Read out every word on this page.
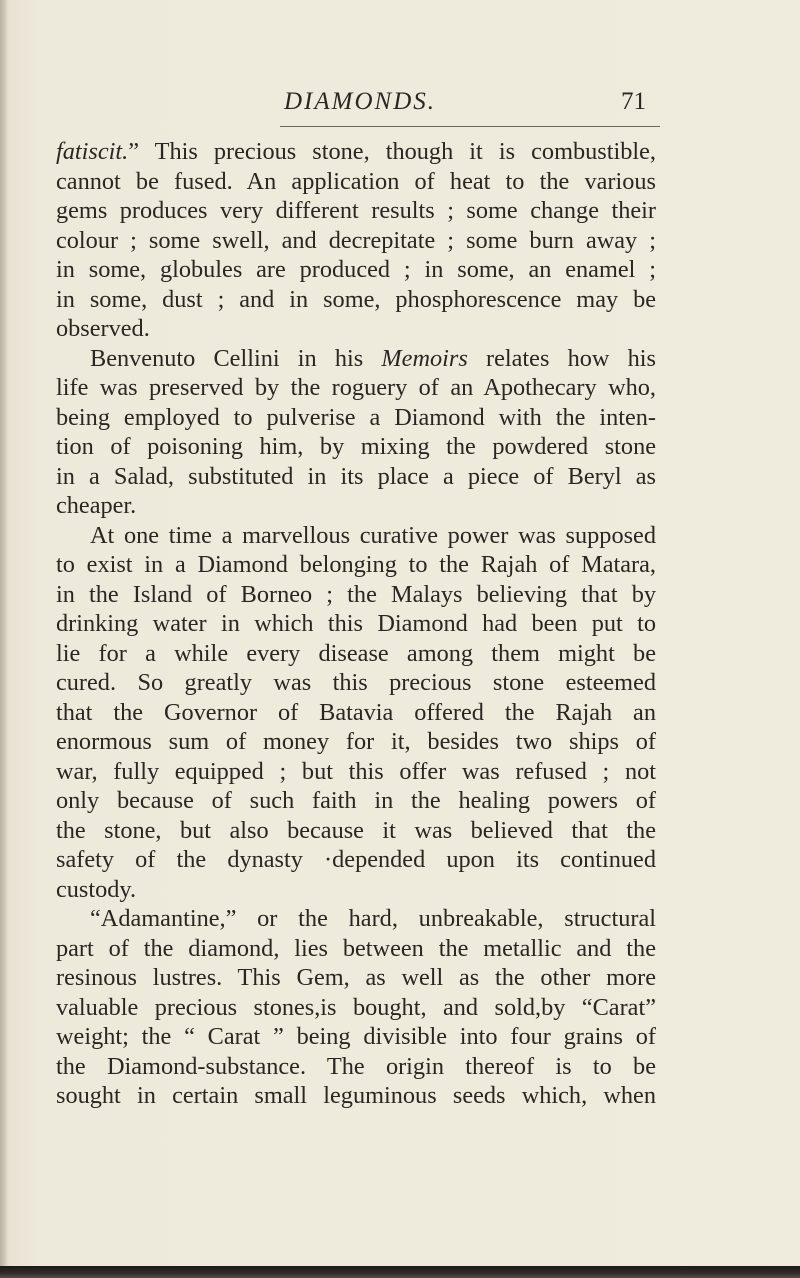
DIAMONDS.	71
fatiscit.” This precious stone, though it is combustible,
cannot be fused. An application of heat to the various
gems produces very different results ; some change their
colour ; some swell, and decrepitate ; some burn away ;
in some, globules are produced ; in some, an enamel ;
in some, dust ; and in some, phosphorescence may be
observed.
Benvenuto Cellini in his Memoirs relates how his
life was preserved by the roguery of an Apothecary who,
being employed to pulverise a Diamond with the inten-
tion of poisoning him, by mixing the powdered stone
in a Salad, substituted in its place a piece of Beryl as
cheaper.
At one time a marvellous curative power was supposed
to exist in a Diamond belonging to the Rajah of Matara,
in the Island of Borneo ; the Malays believing that by
drinking water in which this Diamond had been put to
lie for a while every disease among them might be
cured. So greatly was this precious stone esteemed
that the Governor of Batavia offered the Rajah an
enormous sum of money for it, besides two ships of
war, fully equipped ; but this offer was refused ; not
only because of such faith in the healing powers of
the stone, but also because it was believed that the
safety of the dynasty ·depended upon its continued
custody.
“Adamantine,” or the hard, unbreakable, structural
part of the diamond, lies between the metallic and the
resinous lustres. This Gem, as well as the other more
valuable precious stones,is bought, and sold,by “Carat”
weight; the “ Carat ” being divisible into four grains of
the Diamond-substance. The origin thereof is to be
sought in certain small leguminous seeds which, when
